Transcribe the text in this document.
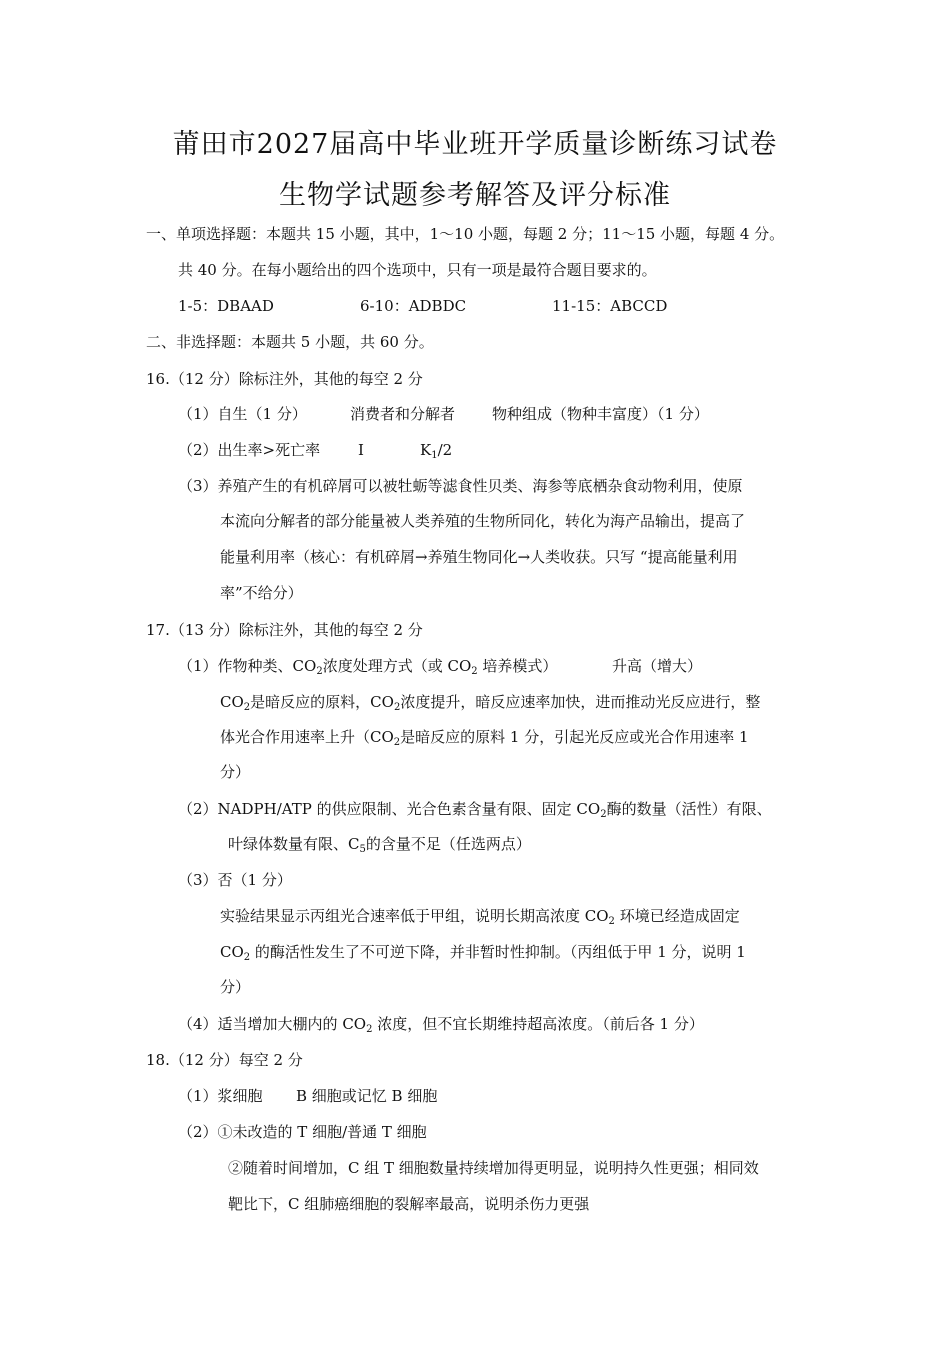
莆田市2027届高中毕业班开学质量诊断练习试卷
生物学试题参考解答及评分标准
一、单项选择题：本题共 15 小题，其中，1～10 小题，每题 2 分；11～15 小题，每题 4 分。
共 40 分。在每小题给出的四个选项中，只有一项是最符合题目要求的。
1-5：DBAAD	6-10：ADBDC	11-15：ABCCD
二、非选择题：本题共 5 小题，共 60 分。
16.（12 分）除标注外，其他的每空 2 分
（1）自生（1 分）	消费者和分解者 物种组成（物种丰富度）（1 分）
（2）出生率>死亡率	Ⅰ	$K_1/2$
（3）养殖产生的有机碎屑可以被牡蛎等滤食性贝类、海参等底栖杂食动物利用，使原
本流向分解者的部分能量被人类养殖的生物所同化，转化为海产品输出，提高了
能量利用率（核心：有机碎屑→养殖生物同化→人类收获。只写 “提高能量利用
率”不给分）
17.（13 分）除标注外，其他的每空 2 分
（1）作物种类、$CO_2$浓度处理方式（或 $CO_2$ 培养模式）	升高（增大）
$CO_2$是暗反应的原料，$CO_2$浓度提升，暗反应速率加快，进而推动光反应进行，整
体光合作用速率上升（$CO_2$是暗反应的原料 1 分，引起光反应或光合作用速率 1
分）
（2）NADPH/ATP 的供应限制、光合色素含量有限、固定 $CO_2$酶的数量（活性）有限、
叶绿体数量有限、$C_5$的含量不足（任选两点）
（3）否（1 分）
实验结果显示丙组光合速率低于甲组，说明长期高浓度 $CO_2$ 环境已经造成固定
$CO_2$ 的酶活性发生了不可逆下降，并非暂时性抑制。（丙组低于甲 1 分，说明 1
分）
（4）适当增加大棚内的 $CO_2$ 浓度，但不宜长期维持超高浓度。（前后各 1 分）
18.（12 分）每空 2 分
（1）浆细胞 B 细胞或记忆 B 细胞
（2）①未改造的 T 细胞/普通 T 细胞
②随着时间增加，C 组 T 细胞数量持续增加得更明显，说明持久性更强；相同效
靶比下，C 组肺癌细胞的裂解率最高，说明杀伤力更强
